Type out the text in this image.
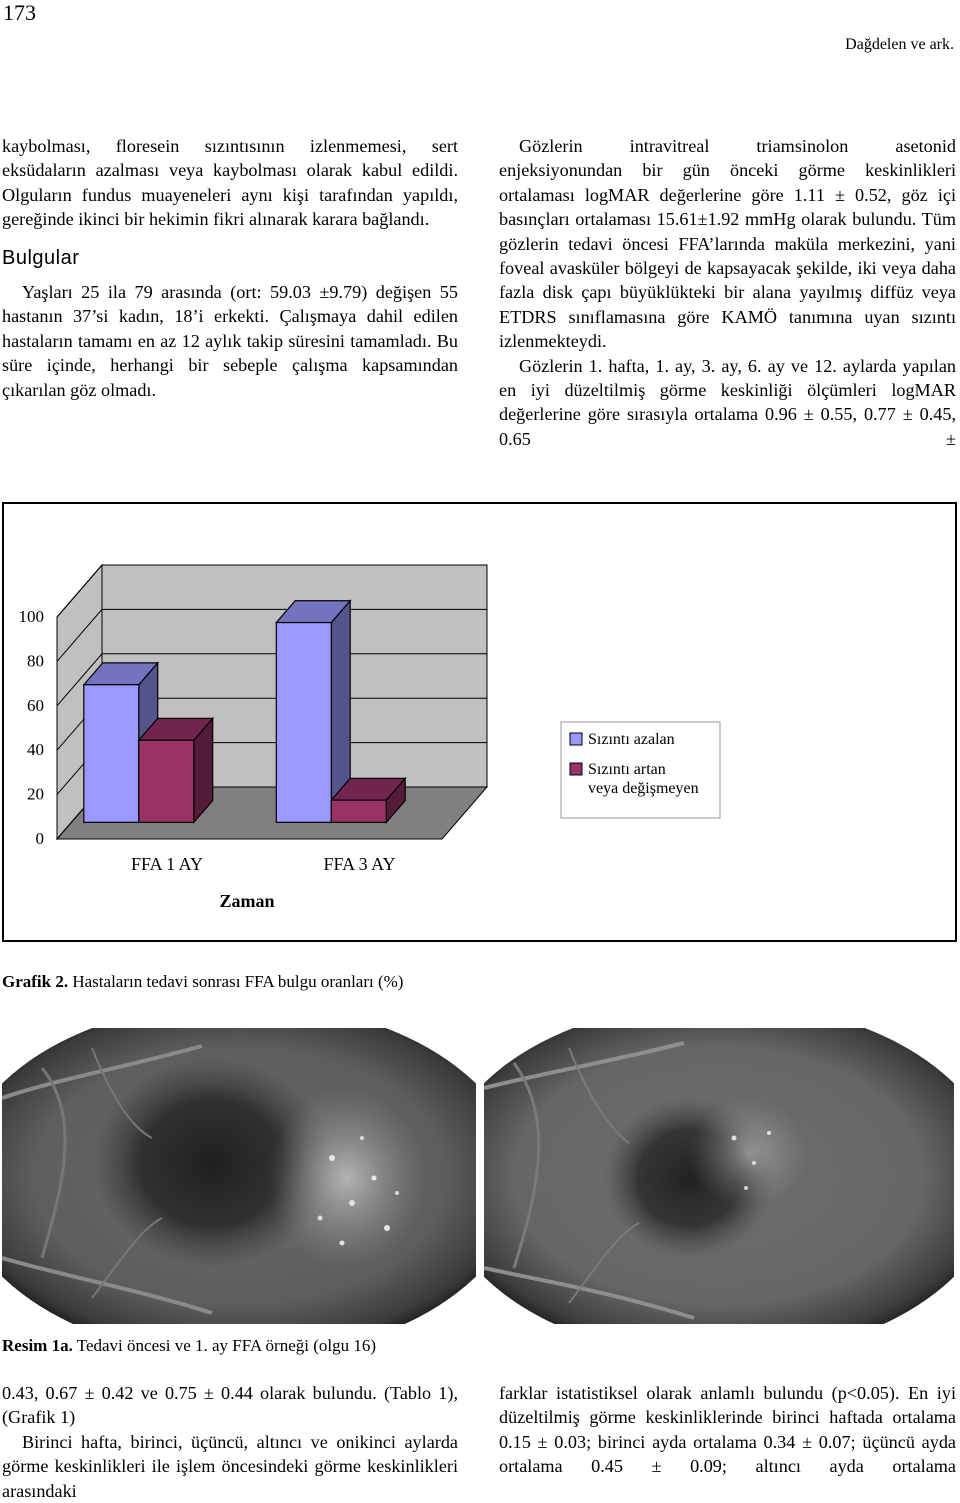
173
Dağdelen ve ark.

kaybolması, floresein sızıntısının izlenmemesi, sert eksüdaların azalması veya kaybolması olarak kabul edildi. Olguların fundus muayeneleri aynı kişi tarafından yapıldı, gereğinde ikinci bir hekimin fikri alınarak karara bağlandı.

Bulgular

Yaşları 25 ila 79 arasında (ort: 59.03 ±9.79) değişen 55 hastanın 37’si kadın, 18’i erkekti. Çalışmaya dahil edilen hastaların tamamı en az 12 aylık takip süresini tamamladı. Bu süre içinde, herhangi bir sebeple çalışma kapsamından çıkarılan göz olmadı.

Gözlerin intravitreal triamsinolon asetonid enjeksiyonundan bir gün önceki görme keskinlikleri ortalaması logMAR değerlerine göre 1.11 ± 0.52, göz içi basınçları ortalaması 15.61±1.92 mmHg olarak bulundu. Tüm gözlerin tedavi öncesi FFA’larında maküla merkezini, yani foveal avasküler bölgeyi de kapsayacak şekilde, iki veya daha fazla disk çapı büyüklükteki bir alana yayılmış diffüz veya ETDRS sınıflamasına göre KAMÖ tanımına uyan sızıntı izlenmekteydi.

Gözlerin 1. hafta, 1. ay, 3. ay, 6. ay ve 12. aylarda yapılan en iyi düzeltilmiş görme keskinliği ölçümleri logMAR değerlerine göre sırasıyla ortalama 0.96 ± 0.55, 0.77 ± 0.45, 0.65 ±

0
20
40
60
80
100
FFA 1 AY	FFA 3 AY
Zaman
Sızıntı azalan
Sızıntı artan
veya değişmeyen
Grafik 2. Hastaların tedavi sonrası FFA bulgu oranları (%)
Resim 1a. Tedavi öncesi ve 1. ay FFA örneği (olgu 16)

0.43, 0.67 ± 0.42 ve 0.75 ± 0.44 olarak bulundu. (Tablo 1), (Grafik 1)

Birinci hafta, birinci, üçüncü, altıncı ve onikinci aylarda görme keskinlikleri ile işlem öncesindeki görme keskinlikleri arasındaki

farklar istatistiksel olarak anlamlı bulundu (p<0.05). En iyi düzeltilmiş görme keskinliklerinde birinci haftada ortalama 0.15 ± 0.03; birinci ayda ortalama 0.34 ± 0.07; üçüncü ayda ortalama 0.45 ± 0.09; altıncı ayda ortalama
